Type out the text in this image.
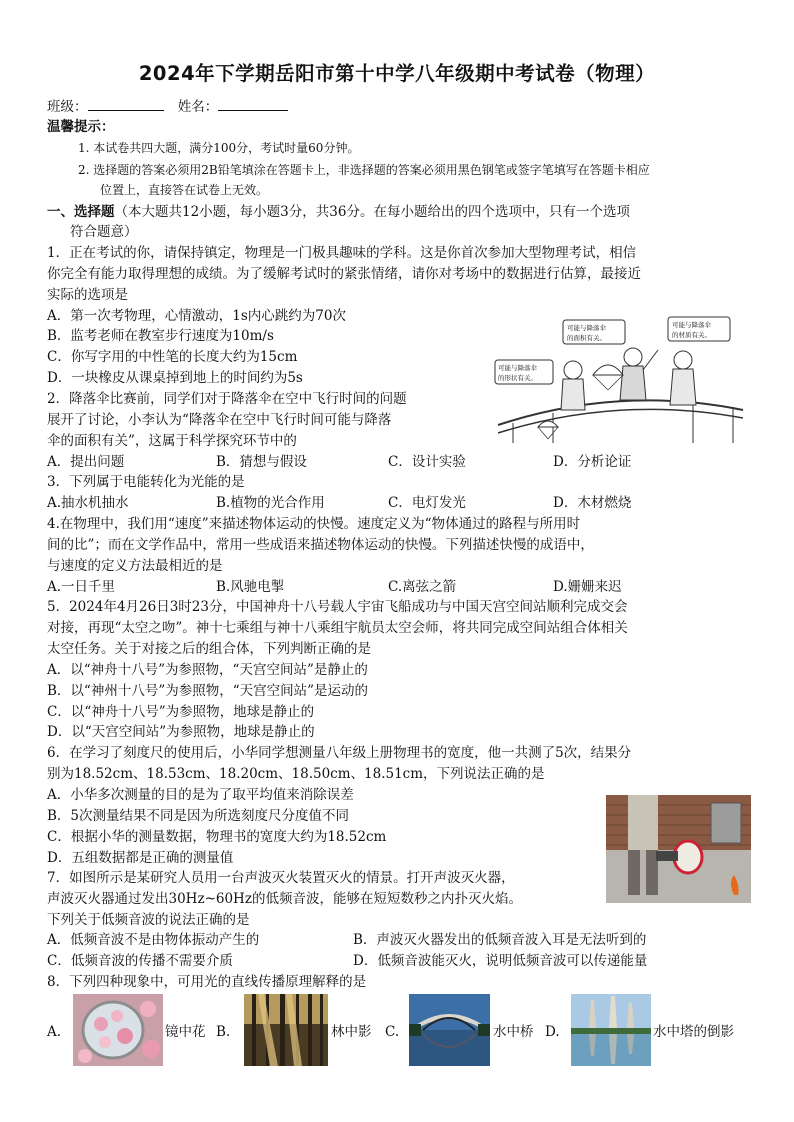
2024年下学期岳阳市第十中学八年级期中考试卷（物理）
班级：	姓名：
温馨提示：
1. 本试卷共四大题，满分100分，考试时量60分钟。
2. 选择题的答案必须用2B铅笔填涂在答题卡上，非选择题的答案必须用黑色钢笔或签字笔填写在答题卡相应
位置上，直接答在试卷上无效。
一、选择题（本大题共12小题，每小题3分，共36分。在每小题给出的四个选项中，只有一个选项
符合题意）
1．正在考试的你，请保持镇定，物理是一门极具趣味的学科。这是你首次参加大型物理考试，相信
你完全有能力取得理想的成绩。为了缓解考试时的紧张情绪，请你对考场中的数据进行估算，最接近
实际的选项是
A．第一次考物理，心情激动，1s内心跳约为70次
B．监考老师在教室步行速度为10m/s
C．你写字用的中性笔的长度大约为15cm
D．一块橡皮从课桌掉到地上的时间约为5s
可能与降落伞
的面积有关。
可能与降落伞
的材质有关。
可能与降落伞
的形状有关。
2．降落伞比赛前，同学们对于降落伞在空中飞行时间的问题
展开了讨论，小李认为“降落伞在空中飞行时间可能与降落
伞的面积有关”，这属于科学探究环节中的
A．提出问题	B．猜想与假设	C．设计实验	D．分析论证
3．下列属于电能转化为光能的是
A.抽水机抽水	B.植物的光合作用	C．电灯发光	D．木材燃烧
4.在物理中，我们用“速度”来描述物体运动的快慢。速度定义为“物体通过的路程与所用时
间的比”；而在文学作品中，常用一些成语来描述物体运动的快慢。下列描述快慢的成语中，
与速度的定义方法最相近的是
A.一日千里	B.风驰电掣	C.离弦之箭	D.姗姗来迟
5．2024年4月26日3时23分，中国神舟十八号载人宇宙飞船成功与中国天宫空间站顺利完成交会
对接，再现“太空之吻”。神十七乘组与神十八乘组宇航员太空会师，将共同完成空间站组合体相关
太空任务。关于对接之后的组合体，下列判断正确的是
A．以“神舟十八号”为参照物，“天宫空间站”是静止的
B．以“神州十八号”为参照物，“天宫空间站”是运动的
C．以“神舟十八号”为参照物，地球是静止的
D．以“天宫空间站”为参照物，地球是静止的
6．在学习了刻度尺的使用后，小华同学想测量八年级上册物理书的宽度，他一共测了5次，结果分
别为18.52cm、18.53cm、18.20cm、18.50cm、18.51cm，下列说法正确的是
A．小华多次测量的目的是为了取平均值来消除误差
B．5次测量结果不同是因为所选刻度尺分度值不同
C．根据小华的测量数据，物理书的宽度大约为18.52cm
D．五组数据都是正确的测量值
7．如图所示是某研究人员用一台声波灭火装置灭火的情景。打开声波灭火器，
声波灭火器通过发出30Hz~60Hz的低频音波，能够在短短数秒之内扑灭火焰。
下列关于低频音波的说法正确的是
A．低频音波不是由物体振动产生的	B．声波灭火器发出的低频音波入耳是无法听到的
C．低频音波的传播不需要介质	D．低频音波能灭火，说明低频音波可以传递能量
8．下列四种现象中，可用光的直线传播原理解释的是
A.	镜中花 B.	林中影 C.	水中桥 D.	水中塔的倒影
